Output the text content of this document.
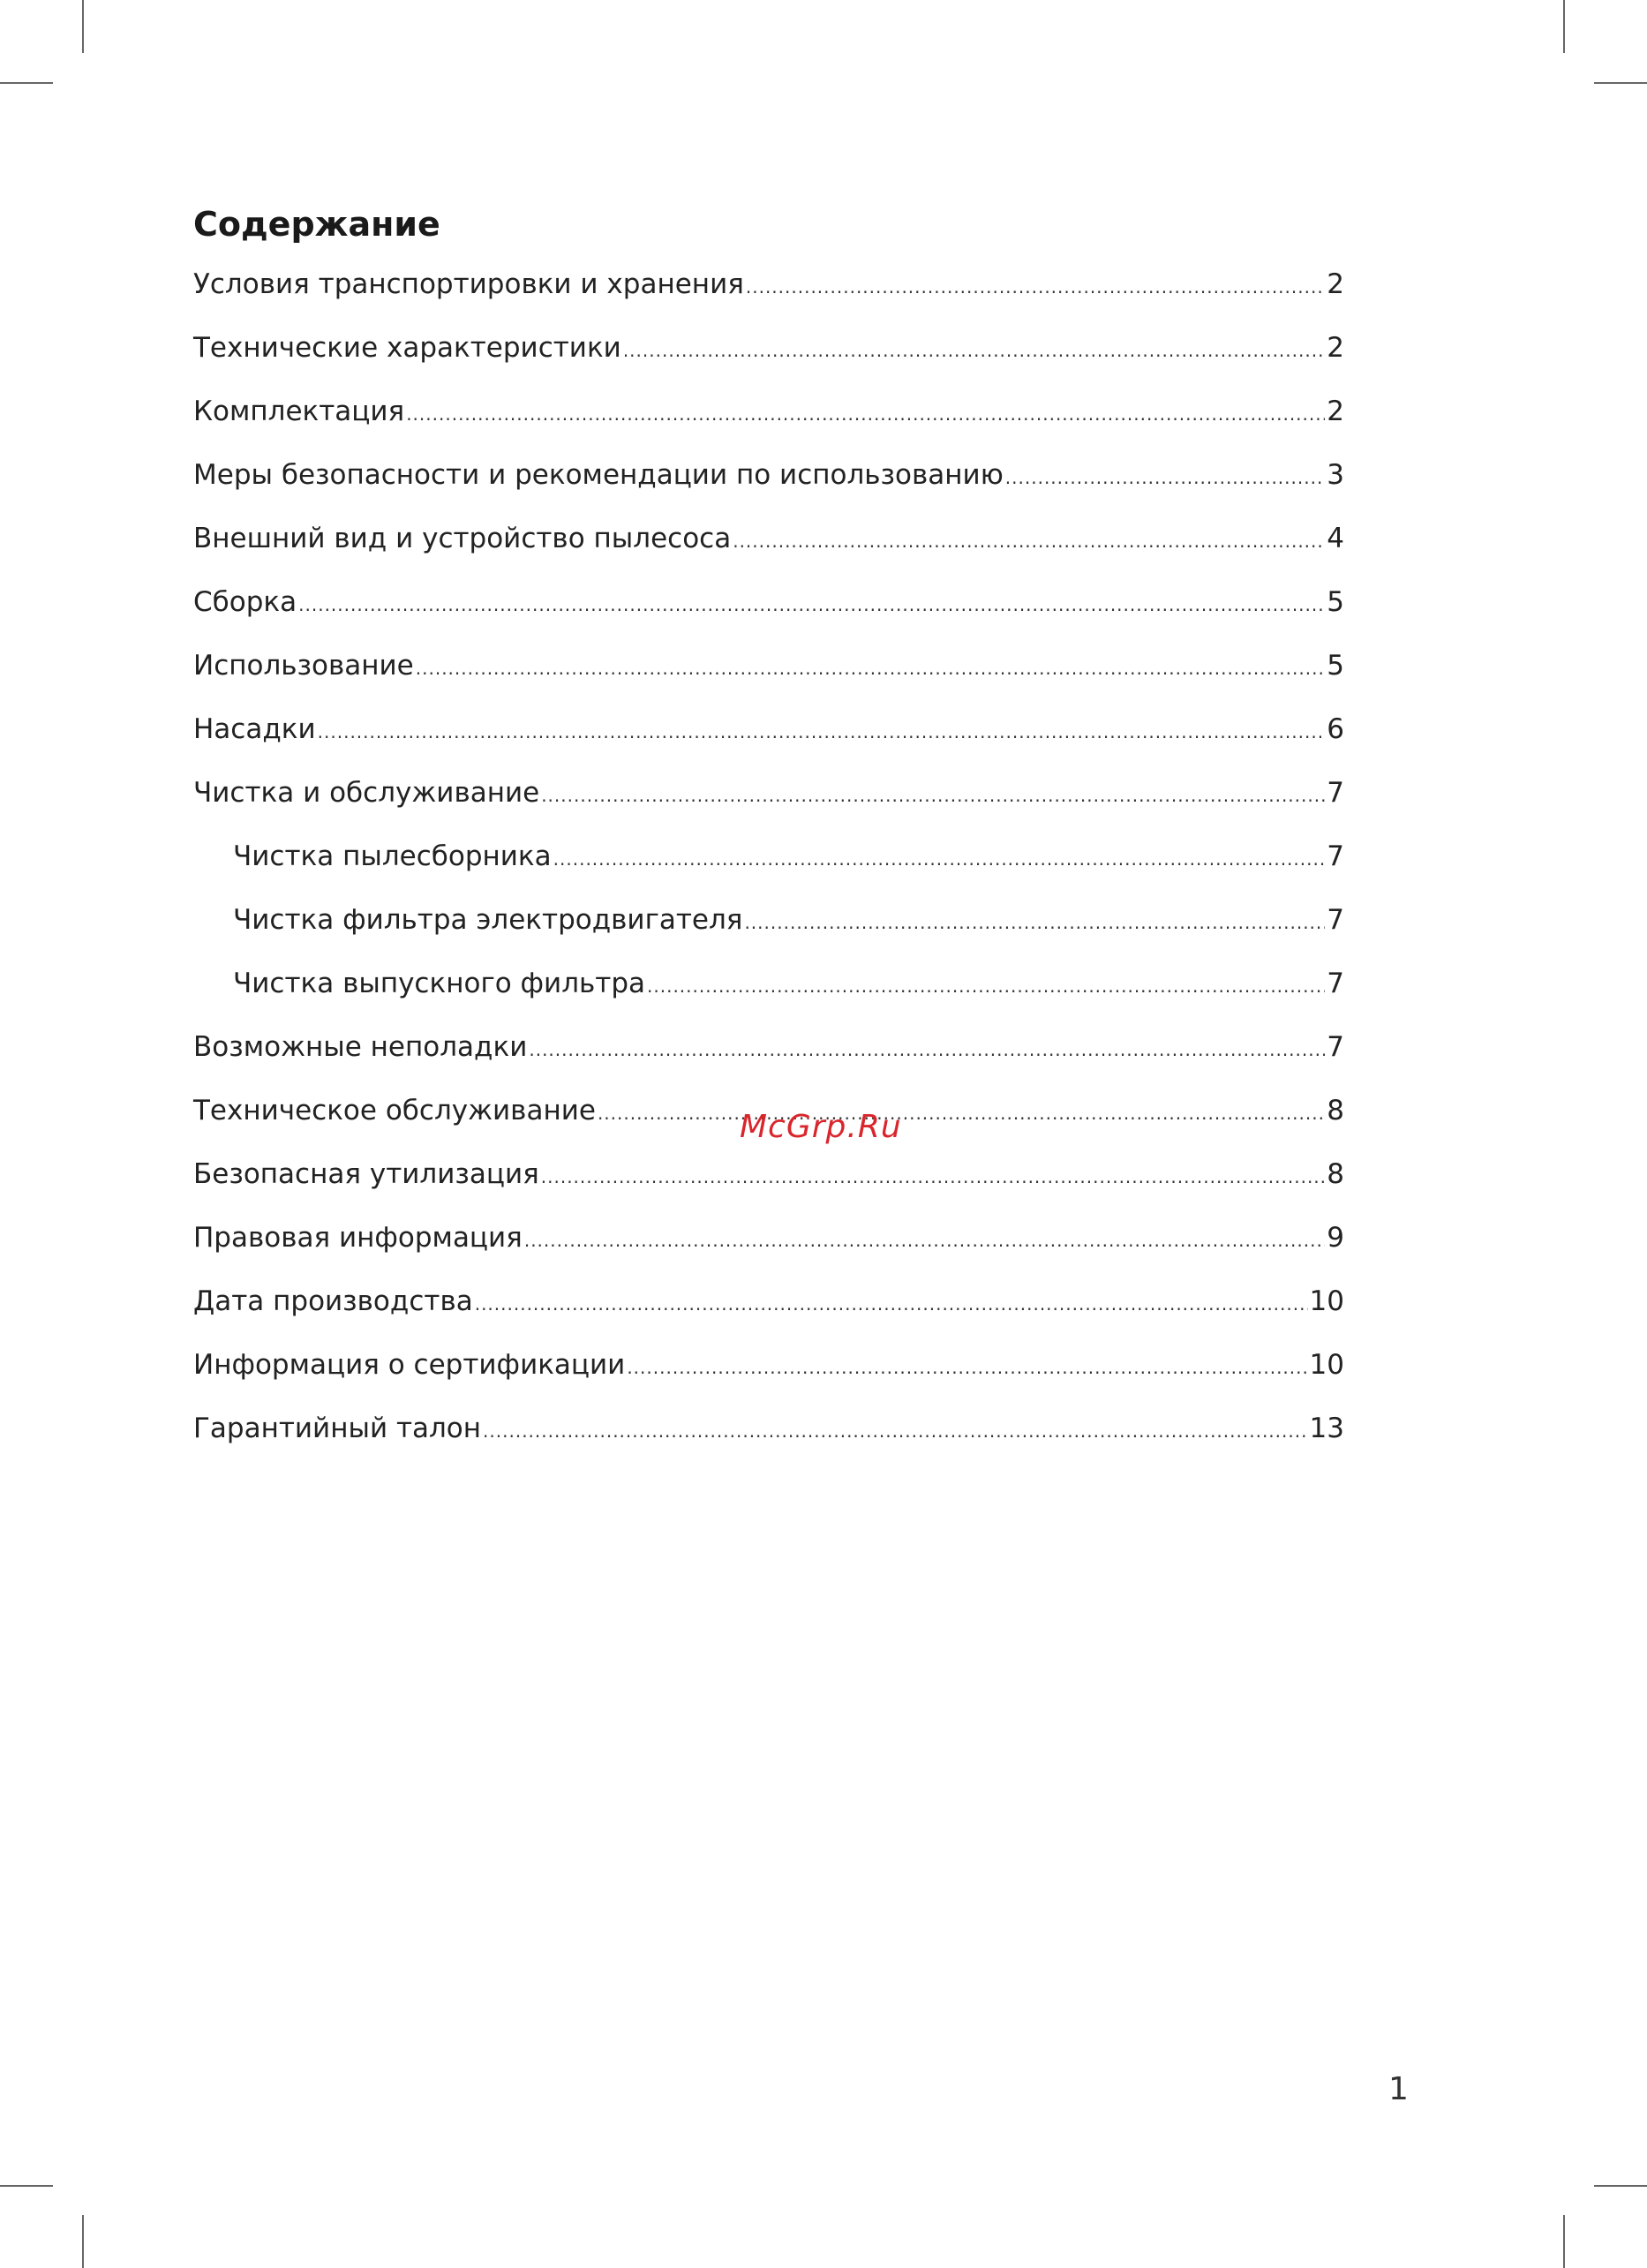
Содержание
Условия транспортировки и хранения .....	2
Технические характеристики .....	2
Комплектация .....	2
Меры безопасности и рекомендации по использованию .....	3
Внешний вид и устройство пылесоса .....	4
Сборка .....	5
Использование .....	5
Насадки .....	6
Чистка и обслуживание .....	7
Чистка пылесборника .....	7
Чистка фильтра электродвигателя .....	7
Чистка выпускного фильтра .....	7
Возможные неполадки .....	7
Техническое обслуживание .....	8
Безопасная утилизация .....	8
Правовая информация .....	9
Дата производства .....	10
Информация о сертификации .....	10
Гарантийный талон .....	13
McGrp.Ru
1
